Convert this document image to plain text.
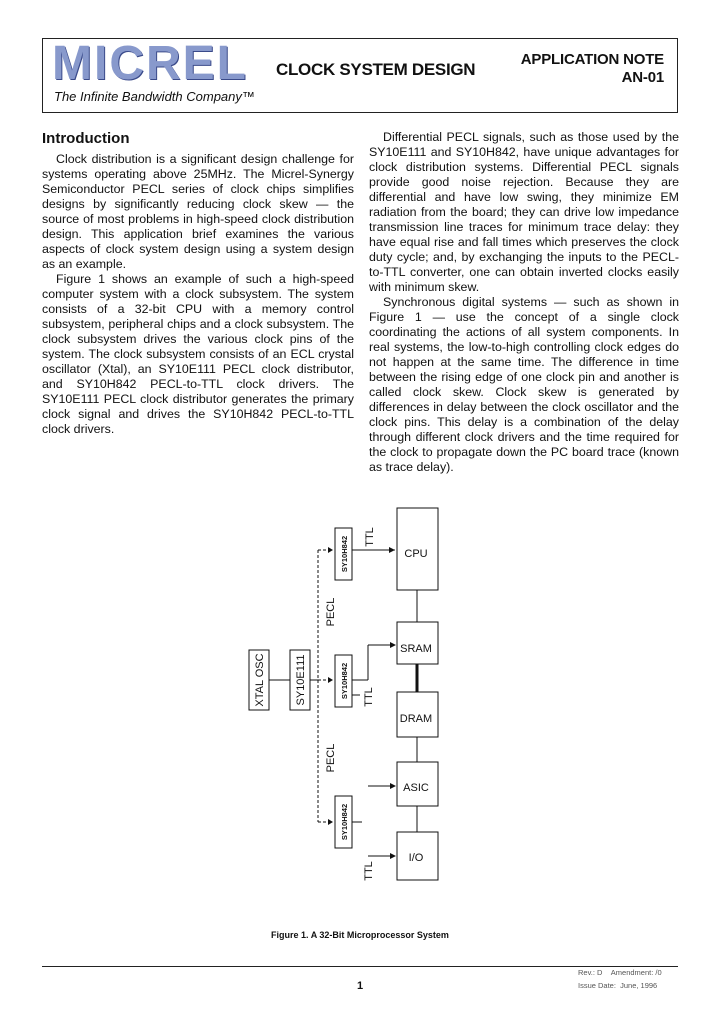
MICREL
The Infinite Bandwidth Company™
CLOCK SYSTEM DESIGN
APPLICATION NOTE
AN-01
Introduction

Clock distribution is a significant design challenge for systems operating above 25MHz. The Micrel-Synergy Semiconductor PECL series of clock chips simplifies designs by significantly reducing clock skew — the source of most problems in high-speed clock distribution design. This application brief examines the various aspects of clock system design using a system design as an example.

Figure 1 shows an example of such a high-speed computer system with a clock subsystem. The system consists of a 32-bit CPU with a memory control subsystem, peripheral chips and a clock subsystem. The clock subsystem drives the various clock pins of the system. The clock subsystem consists of an ECL crystal oscillator (Xtal), an SY10E111 PECL clock distributor, and SY10H842 PECL-to-TTL clock drivers. The SY10E111 PECL clock distributor generates the primary clock signal and drives the SY10H842 PECL-to-TTL clock drivers.

Differential PECL signals, such as those used by the SY10E111 and SY10H842, have unique advantages for clock distribution systems. Differential PECL signals provide good noise rejection. Because they are differential and have low swing, they minimize EM radiation from the board; they can drive low impedance transmission line traces for minimum trace delay: they have equal rise and fall times which preserves the clock duty cycle; and, by exchanging the inputs to the PECL-to-TTL converter, one can obtain inverted clocks easily with minimum skew.

Synchronous digital systems — such as shown in Figure 1 — use the concept of a single clock coordinating the actions of all system components. In real systems, the low-to-high controlling clock edges do not happen at the same time. The difference in time between the rising edge of one clock pin and another is called clock skew. Clock skew is generated by differences in delay between the clock oscillator and the clock pins. This delay is a combination of the delay through different clock drivers and the time required for the clock to propagate down the PC board trace (known as trace delay).

XTAL OSC	SY10E111
SY10H842
SY10H842
SY10H842
PECL
PECL
TTL
TTL
TTL
CPU
SRAM
DRAM
ASIC
I/O
Figure 1. A 32-Bit Microprocessor System
1
Rev.: D Amendment: /0
Issue Date: June, 1996
